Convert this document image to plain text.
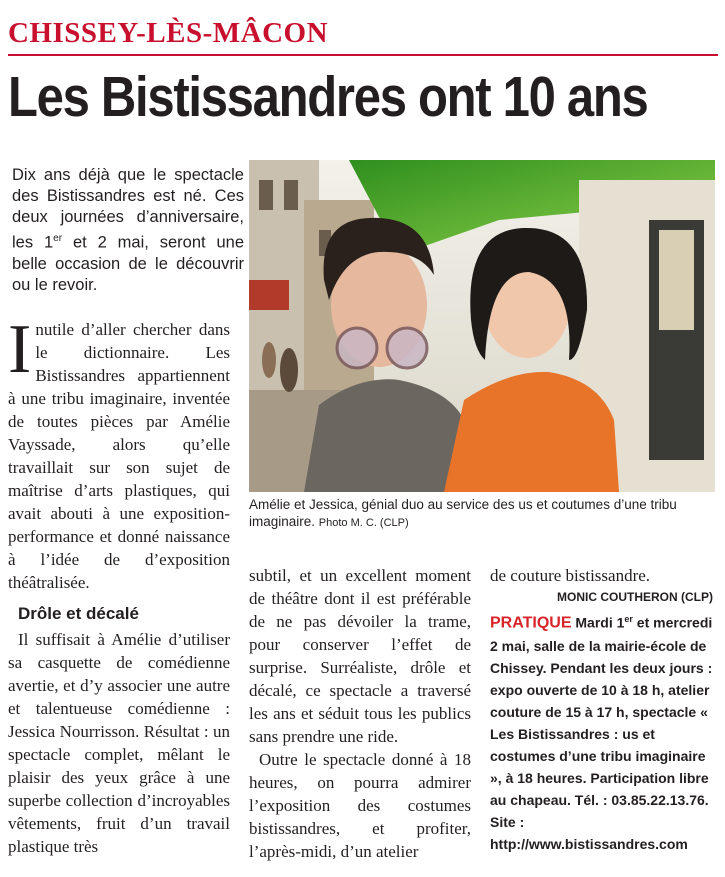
CHISSEY-LÈS-MÂCON
Les Bistissandres ont 10 ans
Dix ans déjà que le spectacle des Bistissandres est né. Ces deux journées d’anniversaire, les 1er et 2 mai, seront une belle occasion de le découvrir ou le revoir.
Amélie et Jessica, génial duo au service des us et coutumes d’une tribu imaginaire. Photo M. C. (CLP)
Inutile d’aller chercher dans le dictionnaire. Les Bistissandres appartiennent à une tribu imaginaire, inventée de toutes pièces par Amélie Vayssade, alors qu’elle travaillait sur son sujet de maîtrise d’arts plastiques, qui avait abouti à une exposition-performance et donné naissance à l’idée de d’exposition théâtralisée.
Drôle et décalé
Il suffisait à Amélie d’utiliser sa casquette de comédienne avertie, et d’y associer une autre et talentueuse comédienne : Jessica Nourrisson. Résultat : un spectacle complet, mêlant le plaisir des yeux grâce à une superbe collection d’incroyables vêtements, fruit d’un travail plastique très

subtil, et un excellent moment de théâtre dont il est préférable de ne pas dévoiler la trame, pour conserver l’effet de surprise. Surréaliste, drôle et décalé, ce spectacle a traversé les ans et séduit tous les publics sans prendre une ride.

Outre le spectacle donné à 18 heures, on pourra admirer l’exposition des costumes bistissandres, et profiter, l’après-midi, d’un atelier

de couture bistissandre.
MONIC COUTHERON (CLP)
PRATIQUE Mardi 1er et mercredi 2 mai, salle de la mairie-école de Chissey. Pendant les deux jours : expo ouverte de 10 à 18 h, atelier couture de 15 à 17 h, spectacle « Les Bistissandres : us et costumes d’une tribu imaginaire », à 18 heures. Participation libre au chapeau. Tél. : 03.85.22.13.76. Site : http://www.bistissandres.com
